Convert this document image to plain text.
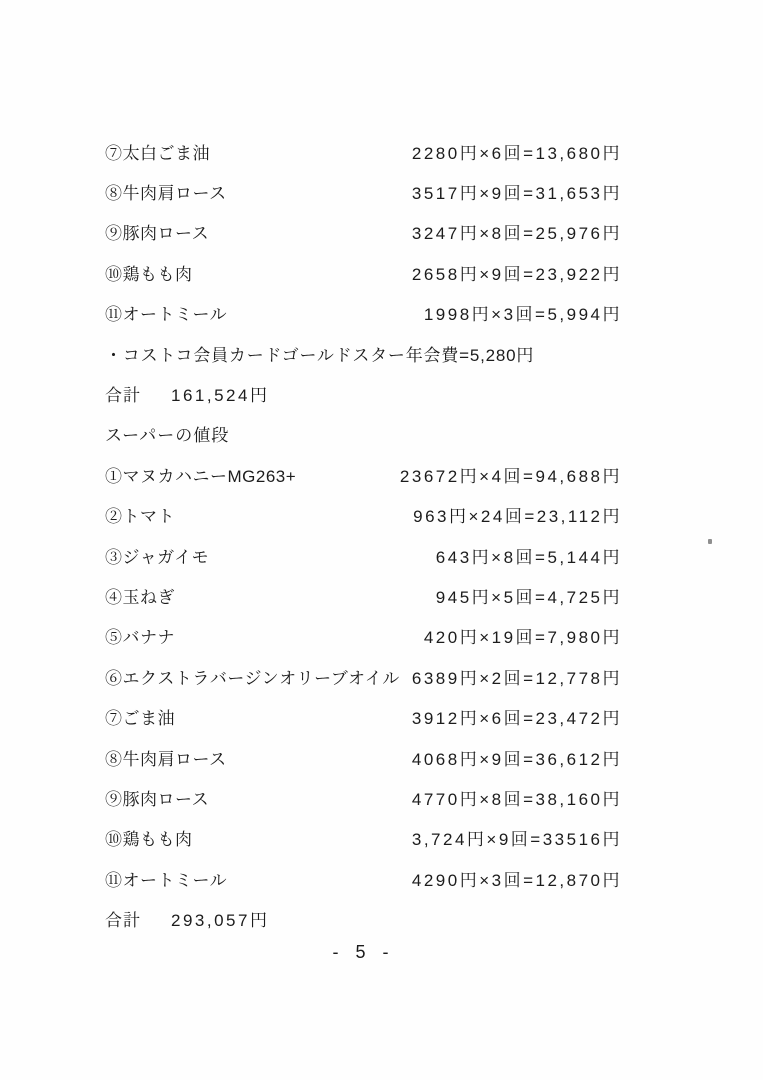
⑦太白ごま油	2280円×6回=13,680円
⑧牛肉肩ロース	3517円×9回=31,653円
⑨豚肉ロース	3247円×8回=25,976円
⑩鶏もも肉	2658円×9回=23,922円
⑪オートミール	1998円×3回=5,994円
・コストコ会員カードゴールドスター年会費=5,280円
合計 161,524円
スーパーの値段
①マヌカハニーMG263+	23672円×4回=94,688円
②トマト	963円×24回=23,112円
③ジャガイモ	643円×8回=5,144円
④玉ねぎ	945円×5回=4,725円
⑤バナナ	420円×19回=7,980円
⑥エクストラバージンオリーブオイル 6389円×2回=12,778円
⑦ごま油	3912円×6回=23,472円
⑧牛肉肩ロース	4068円×9回=36,612円
⑨豚肉ロース	4770円×8回=38,160円
⑩鶏もも肉	3,724円×9回=33516円
⑪オートミール	4290円×3回=12,870円
合計 293,057円
- 5 -
